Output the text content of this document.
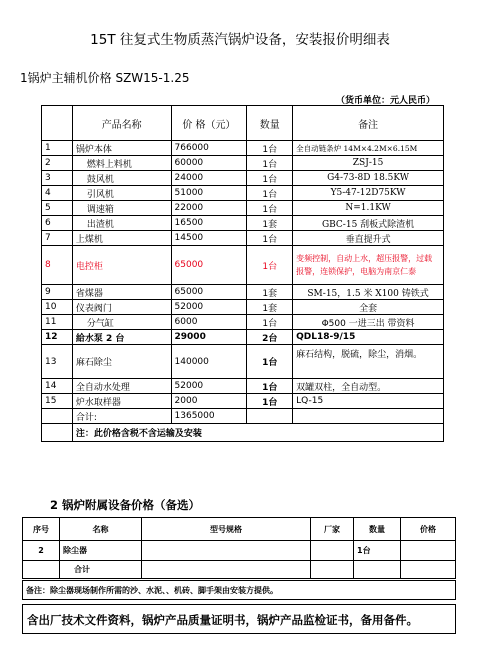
15T 往复式生物质蒸汽锅炉设备，安装报价明细表
1锅炉主辅机价格 SZW15-1.25
（货币单位：元人民币）
	产品名称	价 格（元）	数量	备注
1	锅炉本体	766000	1台	全自动链条炉 14M×4.2M×6.15M
2	燃料上料机	60000	1台	ZSJ-15
3	鼓风机	24000	1台	G4-73-8D 18.5KW
4	引风机	51000	1台	Y5-47-12D75KW
5	调速箱	22000	1台	N=1.1KW
6	出渣机	16500	1套	GBC-15 刮板式除渣机
7	上煤机	14500	1台	垂直提升式
8	电控柜	65000	1台	变频控制，自动上水，超压报警，过载报警，连锁保护，电脑为南京仁泰
9	省煤器	65000	1套	SM-15，1.5 米 X100 铸铁式
10	仪表阀门	52000	1套	全套
11	分气缸	6000	1台	Φ500 一进三出 带资料
12	給水泵 2 台	29000	2台	QDL18-9/15
13	麻石除尘	140000	1台	麻石结构，脱硫，除尘，消烟。
14	全自动水处理	52000	1台	双罐双柱，全自动型。
15	炉水取样器	2000	1台	LQ-15
	合计:	1365000		
	注：此价格含税不含运输及安装			
2 锅炉附属设备价格（备选）
序号	名称	型号规格	厂家	数量	价格
2	除尘器			1台	
	合计				
备注：除尘器现场制作所需的沙、水泥、、机砖、脚手架由安装方提供。
含出厂技术文件资料，锅炉产品质量证明书，锅炉产品监检证书，备用备件。
